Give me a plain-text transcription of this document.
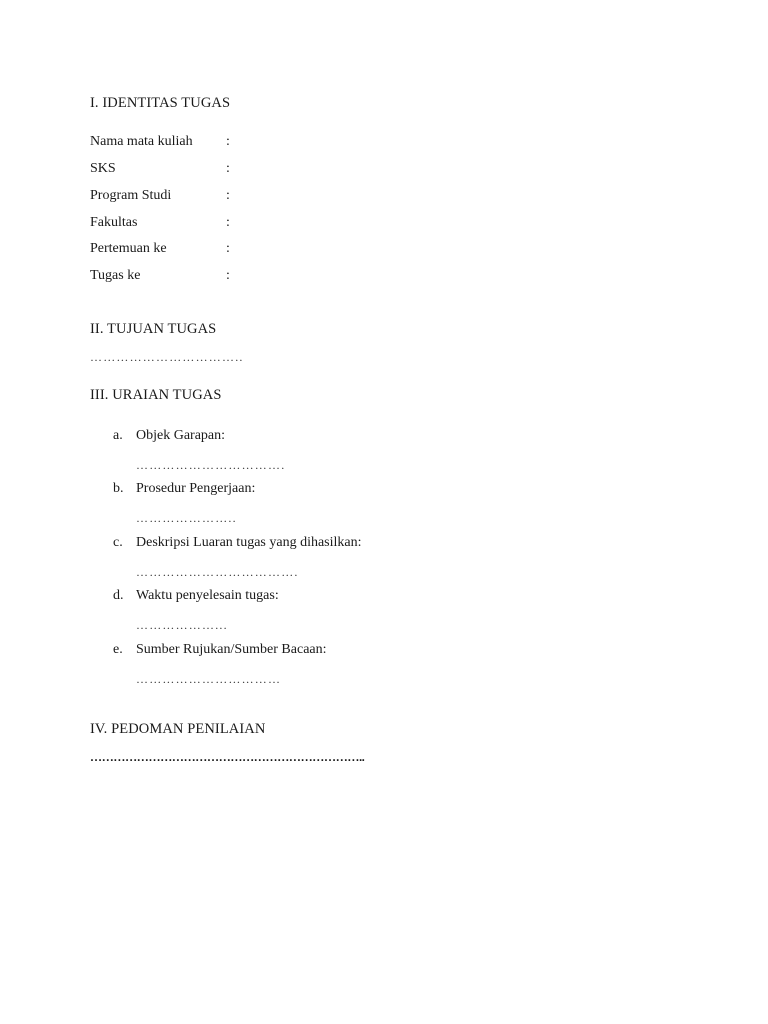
I. IDENTITAS TUGAS
Nama mata kuliah :
SKS	:
Program Studi	:
Fakultas	:
Pertemuan ke	:
Tugas ke	:
II. TUJUAN TUGAS
……………………………..
III. URAIAN TUGAS
a. Objek Garapan:
…………………………….
b. Prosedur Pengerjaan:
…………………..
c. Deskripsi Luaran tugas yang dihasilkan:
……………………………….
d. Waktu penyelesain tugas:
………………...
e. Sumber Rujukan/Sumber Bacaan:
……………………………
IV. PEDOMAN PENILAIAN
……………………………………………………………..
